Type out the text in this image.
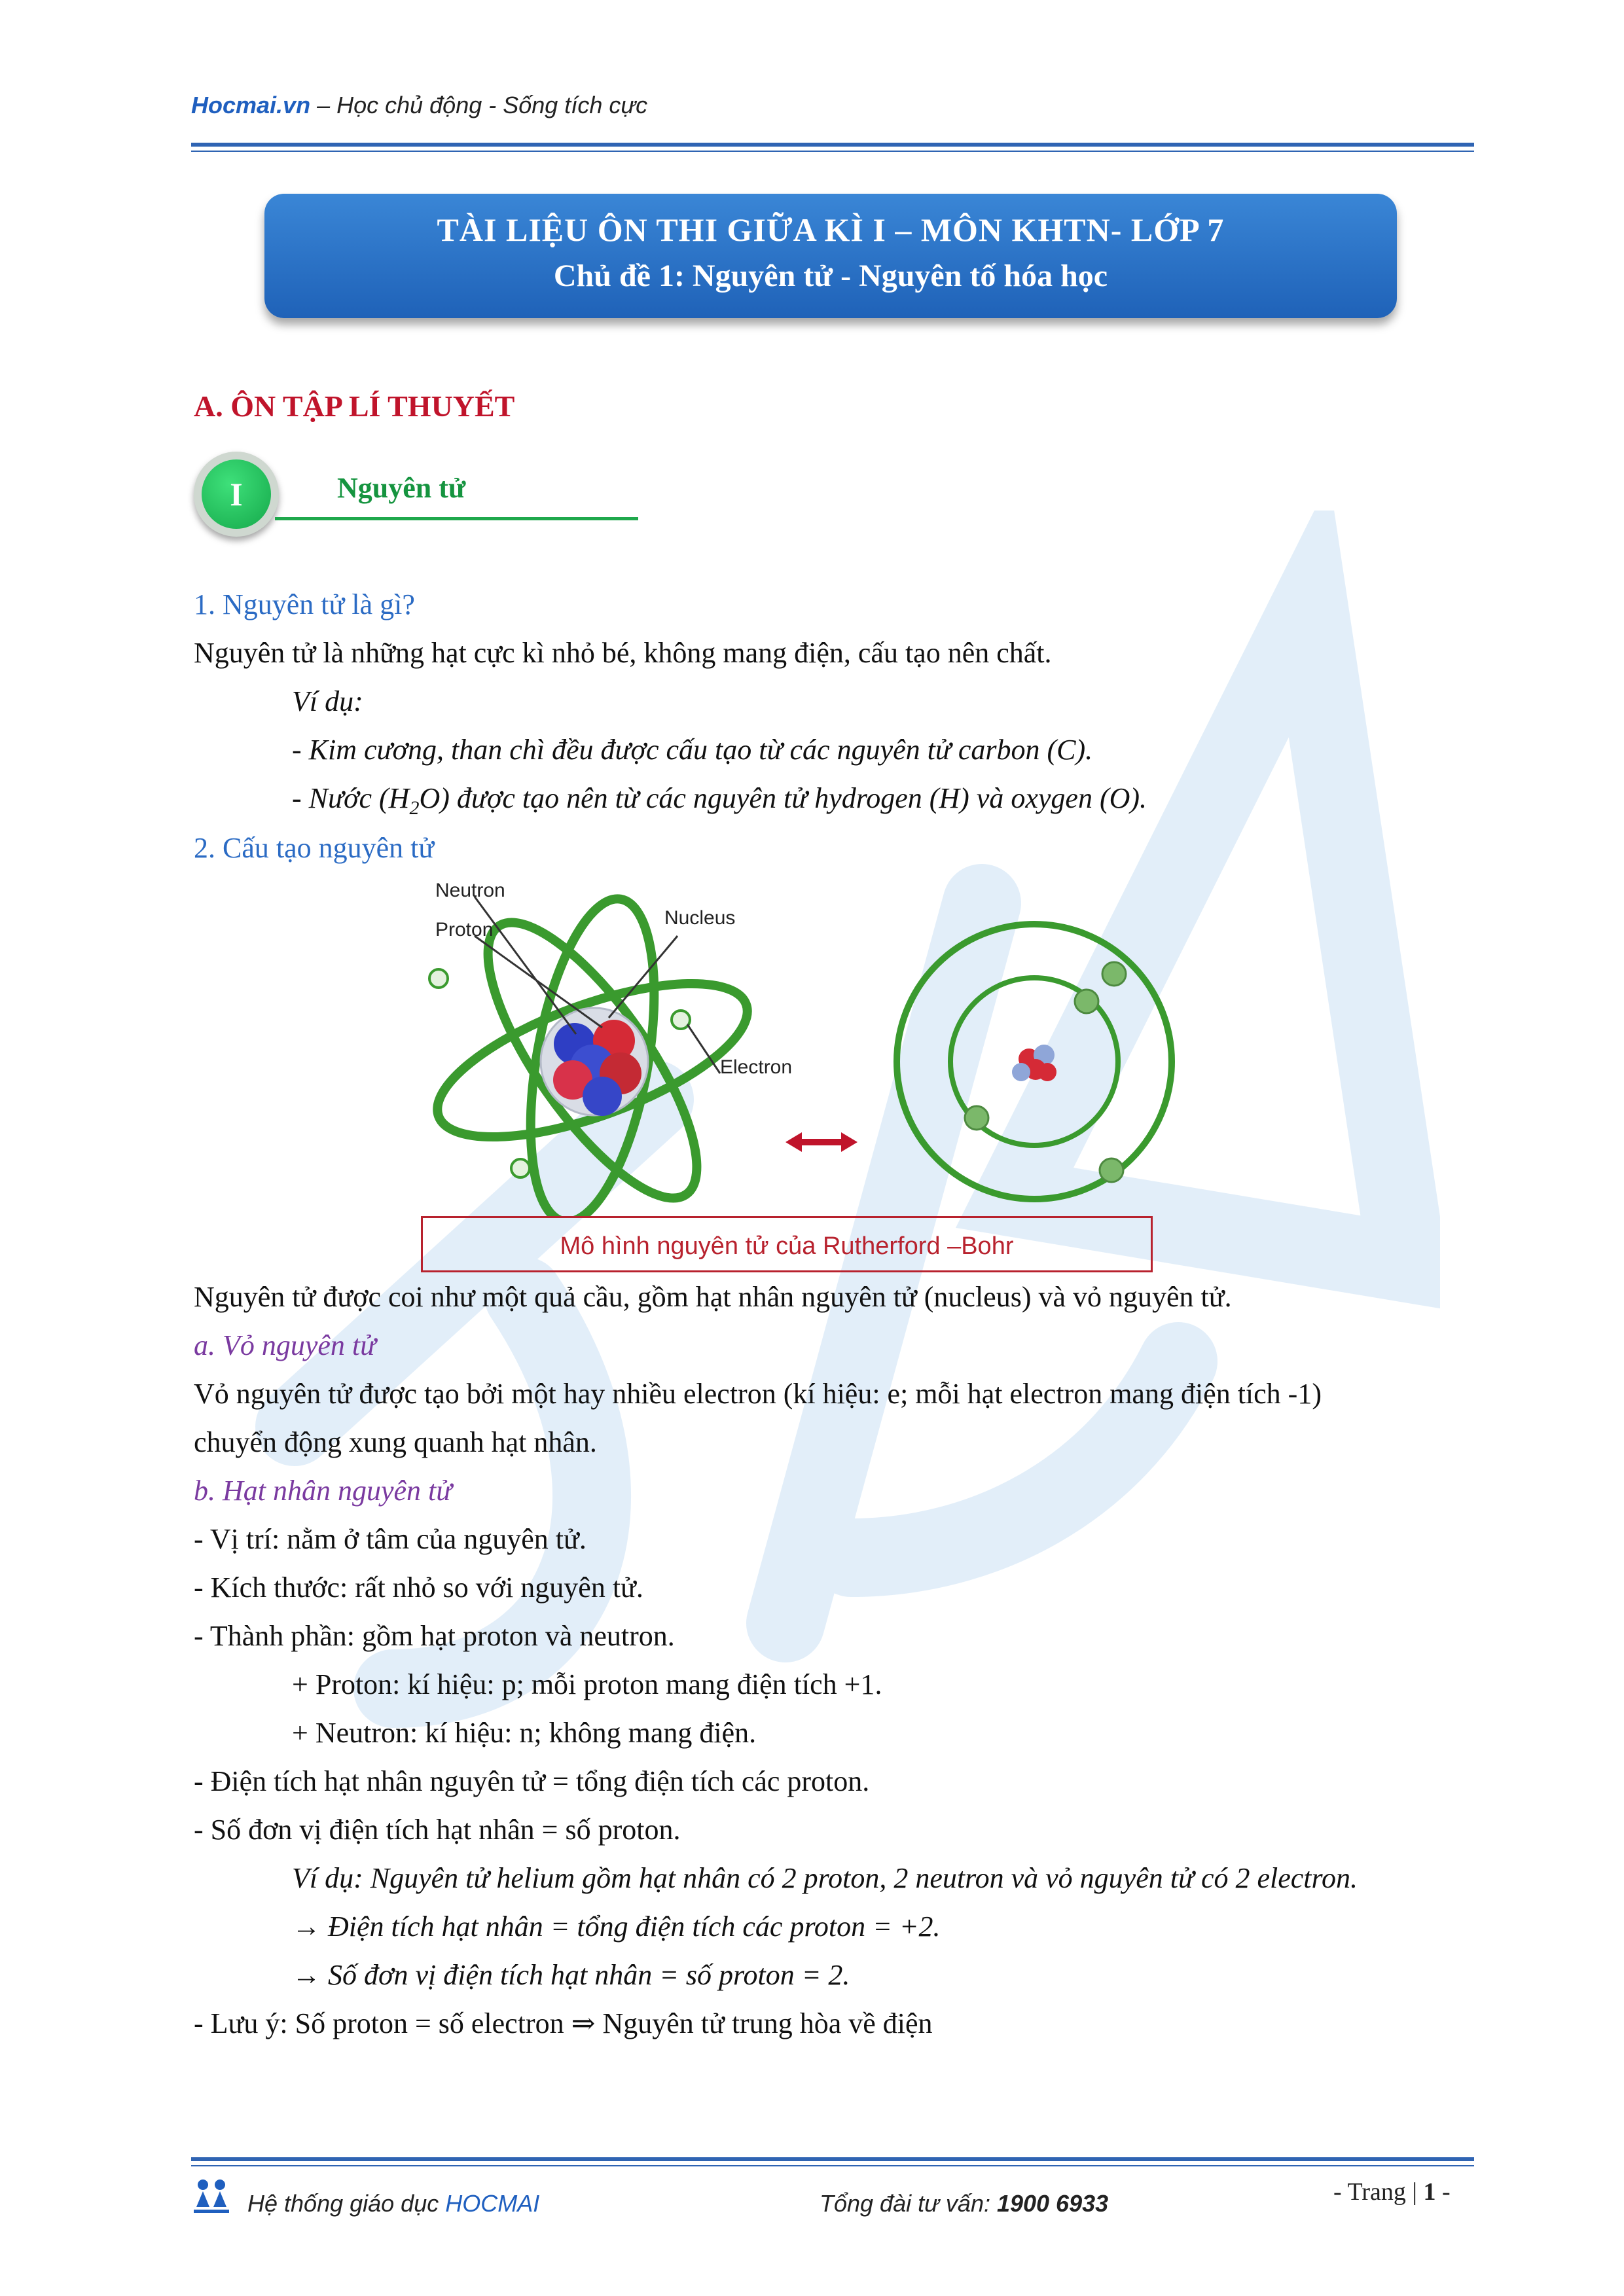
Hocmai.vn – Học chủ động - Sống tích cực
TÀI LIỆU ÔN THI GIỮA KÌ I – MÔN KHTN- LỚP 7
Chủ đề 1: Nguyên tử - Nguyên tố hóa học
A. ÔN TẬP LÍ THUYẾT
I	Nguyên tử
1. Nguyên tử là gì?
Nguyên tử là những hạt cực kì nhỏ bé, không mang điện, cấu tạo nên chất.
Ví dụ:
- Kim cương, than chì đều được cấu tạo từ các nguyên tử carbon (C).
- Nước $(H_2O)$ được tạo nên từ các nguyên tử hydrogen (H) và oxygen (O).
2. Cấu tạo nguyên tử
Neutron
Proton
Nucleus
Electron
Mô hình nguyên tử của Rutherford –Bohr
Nguyên tử được coi như một quả cầu, gồm hạt nhân nguyên tử (nucleus) và vỏ nguyên tử.
a. Vỏ nguyên tử
Vỏ nguyên tử được tạo bởi một hay nhiều electron (kí hiệu: e; mỗi hạt electron mang điện tích -1)
chuyển động xung quanh hạt nhân.
b. Hạt nhân nguyên tử
- Vị trí: nằm ở tâm của nguyên tử.
- Kích thước: rất nhỏ so với nguyên tử.
- Thành phần: gồm hạt proton và neutron.
+ Proton: kí hiệu: p; mỗi proton mang điện tích +1.
+ Neutron: kí hiệu: n; không mang điện.
- Điện tích hạt nhân nguyên tử = tổng điện tích các proton.
- Số đơn vị điện tích hạt nhân = số proton.
Ví dụ: Nguyên tử helium gồm hạt nhân có 2 proton, 2 neutron và vỏ nguyên tử có 2 electron.
→ Điện tích hạt nhân = tổng điện tích các proton = +2.
→ Số đơn vị điện tích hạt nhân = số proton = 2.
- Lưu ý: Số proton = số electron ⇒ Nguyên tử trung hòa về điện
Hệ thống giáo dục HOCMAI	Tổng đài tư vấn: 1900 6933	- Trang | 1 -
